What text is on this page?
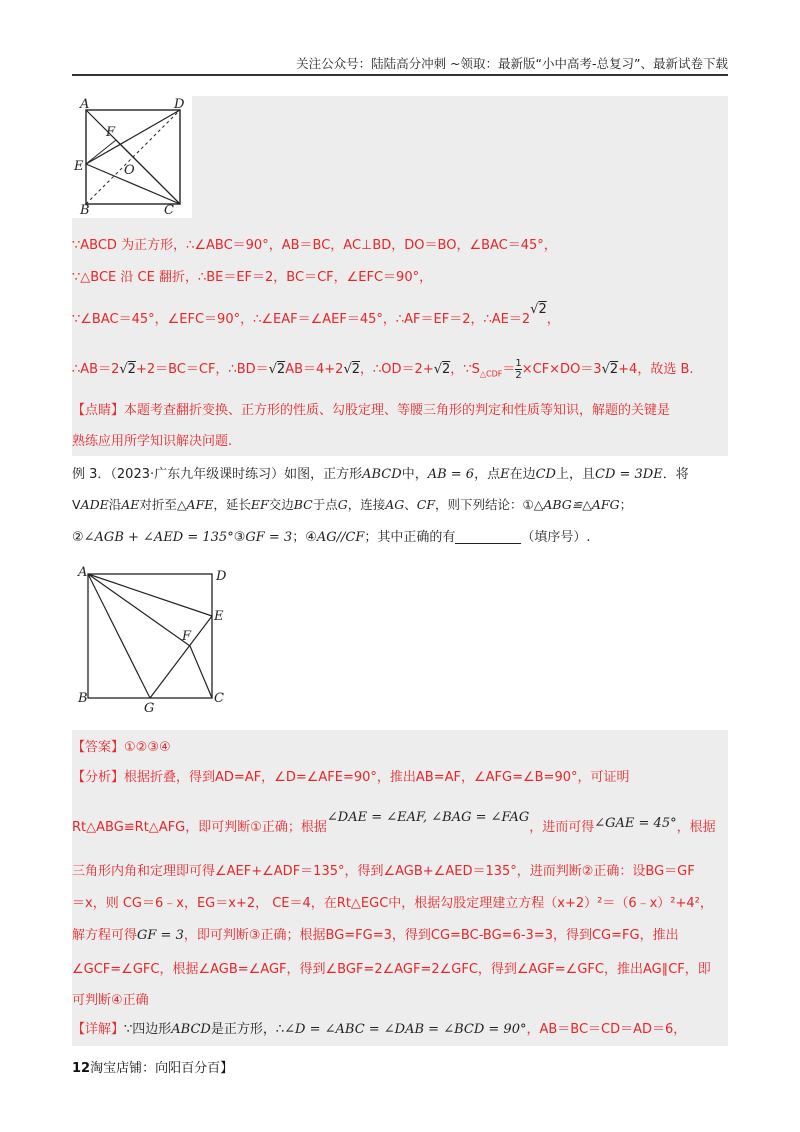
关注公众号：陆陆高分冲刺 ~领取：最新版“小中高考-总复习”、最新试卷下载
A	D
F
E	O
B	C
∵ABCD 为正方形，∴∠ABC＝90°，AB＝BC，AC⊥BD，DO＝BO，∠BAC＝45°，
∵△BCE 沿 CE 翻折，∴BE＝EF＝2，BC＝CF，∠EFC＝90°，
∵∠BAC＝45°，∠EFC＝90°，∴∠EAF＝∠AEF＝45°，∴AF＝EF＝2，∴AE＝2√2，
∴AB＝2√2+2＝BC＝CF，∴BD＝√2AB＝4+2√2，∴OD＝2+√2，$\because S_{\triangle CDF}= \frac{1}{2} \times CF\times DO=3√2+4$，故选 B.
【点睛】本题考查翻折变换、正方形的性质、勾股定理、等腰三角形的判定和性质等知识，解题的关键是
熟练应用所学知识解决问题.
例 3．（2023·广东九年级课时练习）如图，正方形ABCD中，AB = 6，点E在边CD上，且CD = 3DE．将
VADE沿AE对折至△AFE，延长EF交边BC于点G，连接AG、CF，则下列结论：①△ABG≌△AFG；
②∠AGB + ∠AED = 135°③GF = 3；④AG//CF；其中正确的有	（填序号）.
A	D
E
F
B
G
C
【答案】①②③④
【分析】根据折叠，得到AD=AF，∠D=∠AFE=90°，推出AB=AF，∠AFG=∠B=90°，可证明
Rt△ABG≌Rt△AFG，即可判断①正确；根据∠DAE = ∠EAF, ∠BAG = ∠FAG，进而可得∠GAE = 45°，根据
三角形内角和定理即可得∠AEF+∠ADF＝135°，得到∠AGB+∠AED＝135°，进而判断②正确：设BG＝GF
＝x，则 CG＝6﹣x，EG＝x+2， CE＝4，在Rt△EGC中，根据勾股定理建立方程（x+2）²＝（6﹣x）²+4²，
解方程可得GF = 3，即可判断③正确；根据BG=FG=3，得到CG=BC-BG=6-3=3，得到CG=FG，推出
∠GCF=∠GFC，根据∠AGB=∠AGF，得到∠BGF=2∠AGF=2∠GFC，得到∠AGF=∠GFC，推出AG∥CF，即
可判断④正确
【详解】∵四边形ABCD是正方形，∴∠D = ∠ABC = ∠DAB = ∠BCD = 90°，AB＝BC＝CD＝AD＝6，
12淘宝店铺：向阳百分百】
